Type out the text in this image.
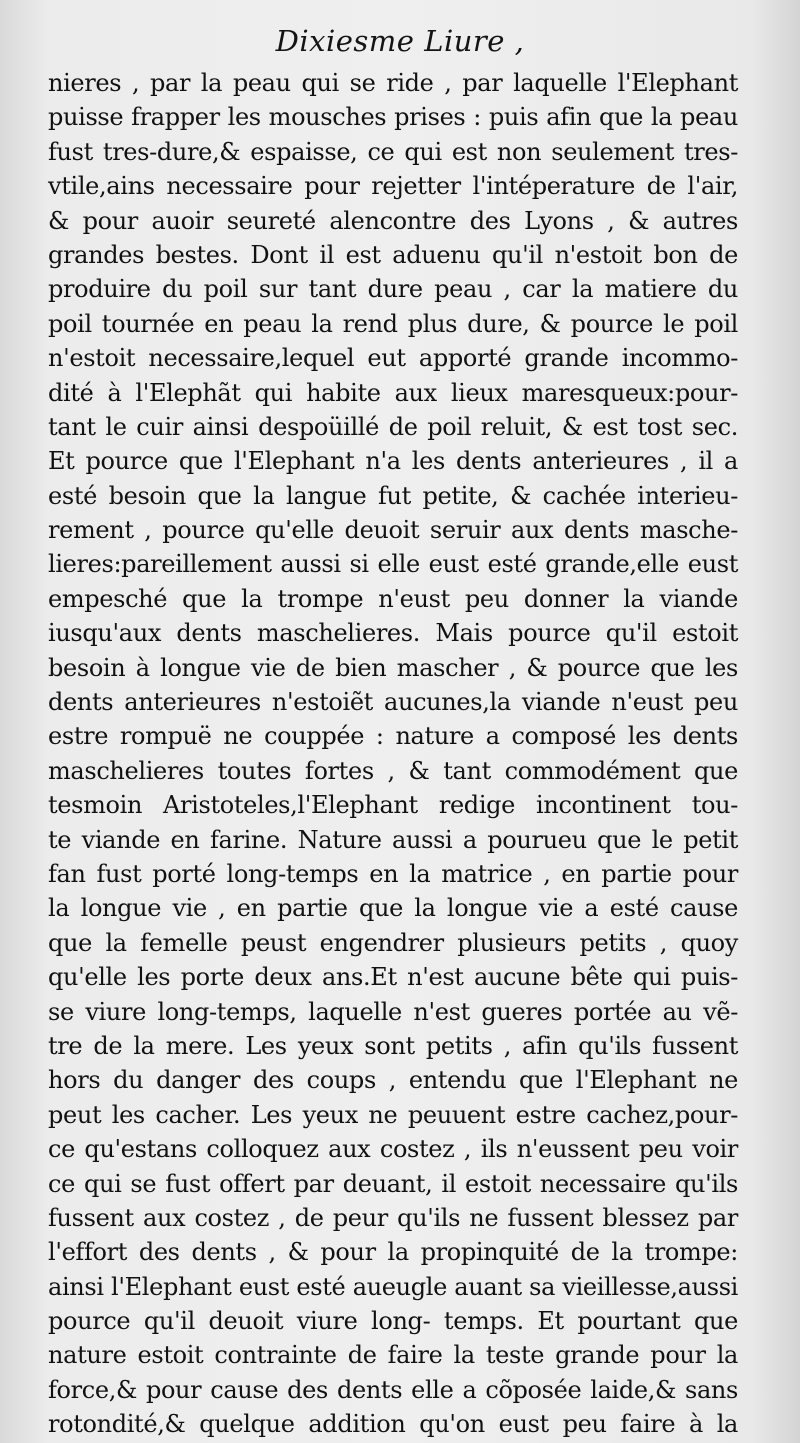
Dixiesme Liure ,
nieres , par la peau qui se ride , par laquelle l'Elephant
puisse frapper les mousches prises : puis afin que la peau
fust tres-dure,& espaisse, ce qui est non seulement tres-
vtile,ains necessaire pour rejetter l'intéperature de l'air,
& pour auoir seureté alencontre des Lyons , & autres
grandes bestes. Dont il est aduenu qu'il n'estoit bon de
produire du poil sur tant dure peau , car la matiere du
poil tournée en peau la rend plus dure, & pource le poil
n'estoit necessaire,lequel eut apporté grande incommo-
dité à l'Elephãt qui habite aux lieux maresqueux:pour-
tant le cuir ainsi despoüillé de poil reluit, & est tost sec.
Et pource que l'Elephant n'a les dents anterieures , il a
esté besoin que la langue fut petite, & cachée interieu-
rement , pource qu'elle deuoit seruir aux dents masche-
lieres:pareillement aussi si elle eust esté grande,elle eust
empesché que la trompe n'eust peu donner la viande
iusqu'aux dents maschelieres. Mais pource qu'il estoit
besoin à longue vie de bien mascher , & pource que les
dents anterieures n'estoiẽt aucunes,la viande n'eust peu
estre rompuë ne couppée : nature a composé les dents
maschelieres toutes fortes , & tant commodément que
tesmoin Aristoteles,l'Elephant redige incontinent tou-
te viande en farine. Nature aussi a pourueu que le petit
fan fust porté long-temps en la matrice , en partie pour
la longue vie , en partie que la longue vie a esté cause
que la femelle peust engendrer plusieurs petits , quoy
qu'elle les porte deux ans.Et n'est aucune bête qui puis-
se viure long-temps, laquelle n'est gueres portée au vẽ-
tre de la mere. Les yeux sont petits , afin qu'ils fussent
hors du danger des coups , entendu que l'Elephant ne
peut les cacher. Les yeux ne peuuent estre cachez,pour-
ce qu'estans colloquez aux costez , ils n'eussent peu voir
ce qui se fust offert par deuant, il estoit necessaire qu'ils
fussent aux costez , de peur qu'ils ne fussent blessez par
l'effort des dents , & pour la propinquité de la trompe:
ainsi l'Elephant eust esté aueugle auant sa vieillesse,aussi
pource qu'il deuoit viure long- temps. Et pourtant que
nature estoit contrainte de faire la teste grande pour la
force,& pour cause des dents elle a cõposée laide,& sans
rotondité,& quelque addition qu'on eust peu faire à la
